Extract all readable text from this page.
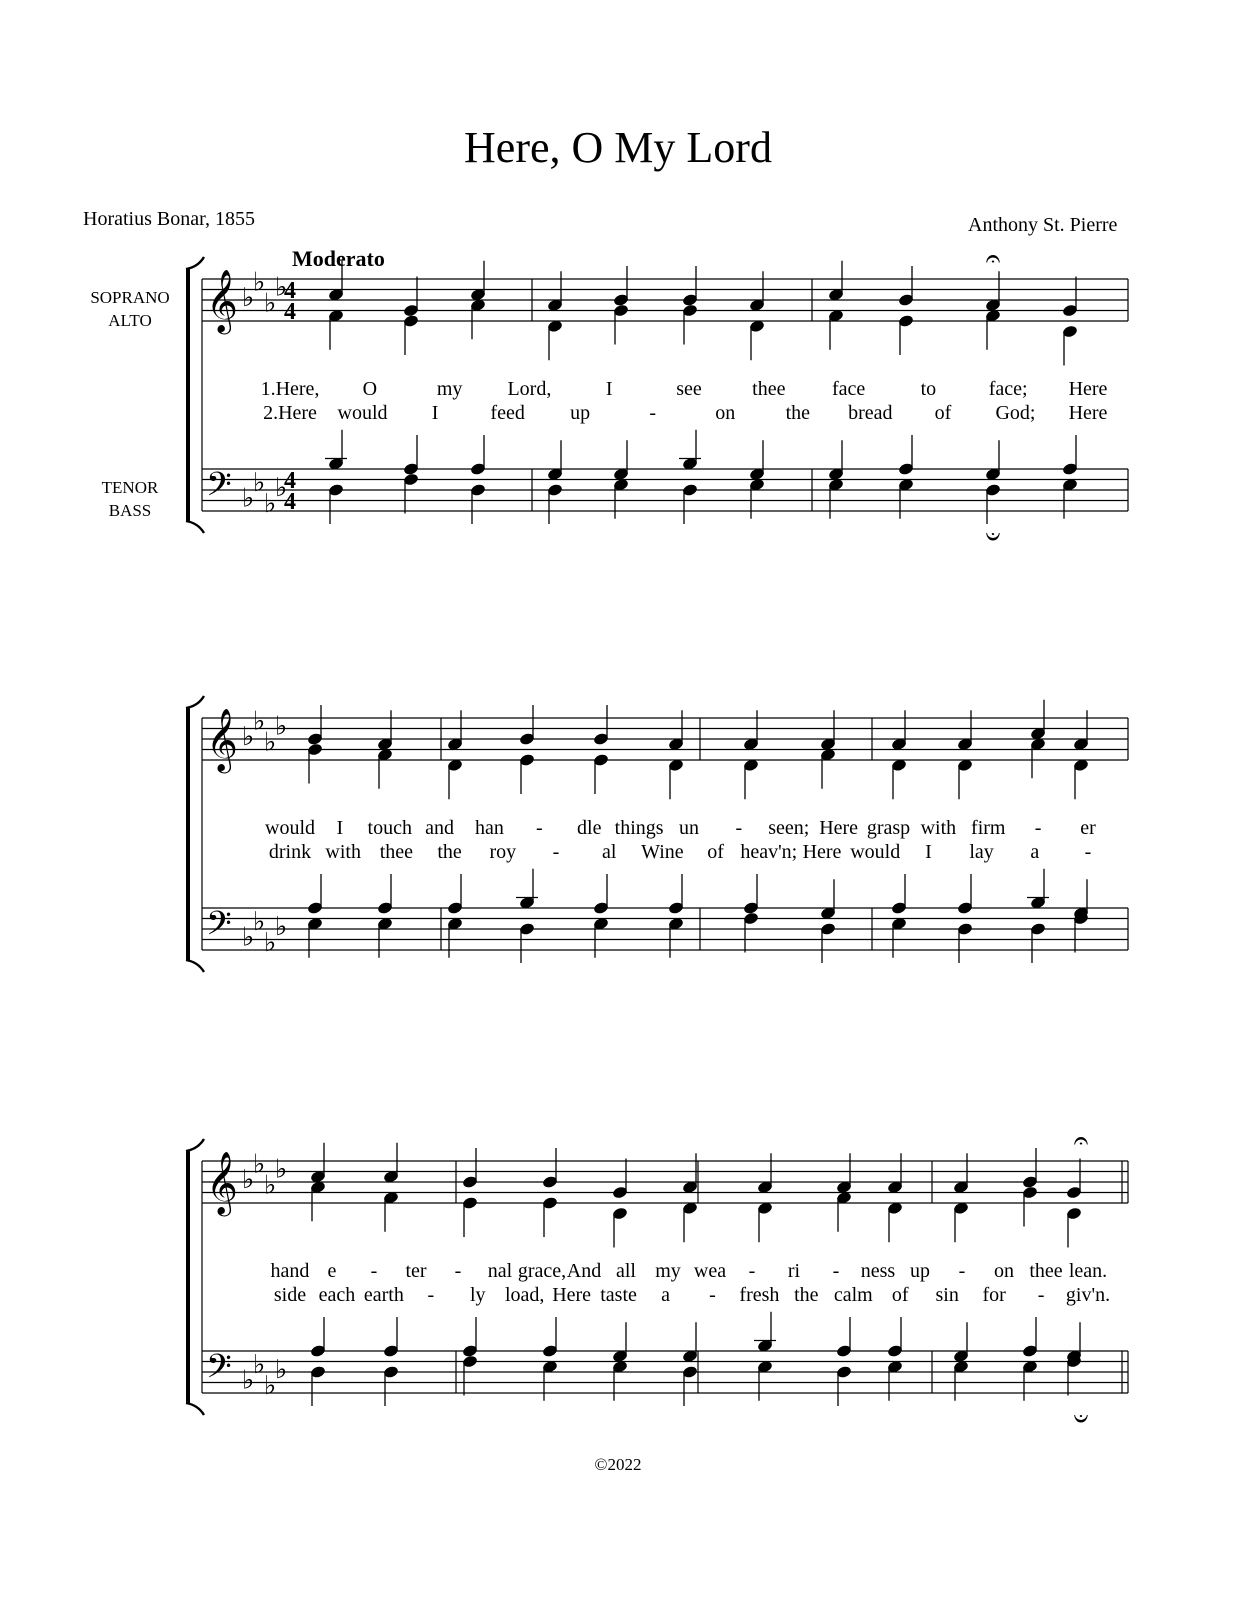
Here, O My Lord
Horatius Bonar, 1855	Anthony St. Pierre
Moderato
SOPRANO
ALTO
TENOR
BASS
𝄞
𝄢
♭
♭
♭
♭
♭
♭
♭
♭
4
4
4
4
𝄐
𝄑
1.Here, O	my Lord,	I	see	thee face	to	face; Here
2.Here would I	feed up	-	on	the bread of God; Here
𝄞
𝄢
♭
♭
♭
♭
♭
♭
♭
♭
would I touch and han - dle things un - seen; Here grasp with firm - er
drink with thee the roy - al Wine of heav'n; Here would I lay a -
𝄞
𝄢
♭
♭
♭
♭
♭
♭
♭
♭
𝄐
𝄑
hand e - ter - nal grace, And all my wea - ri - ness up - on thee lean.
side each earth - ly load, Here taste a - fresh the calm of sin for - giv'n.
©2022
